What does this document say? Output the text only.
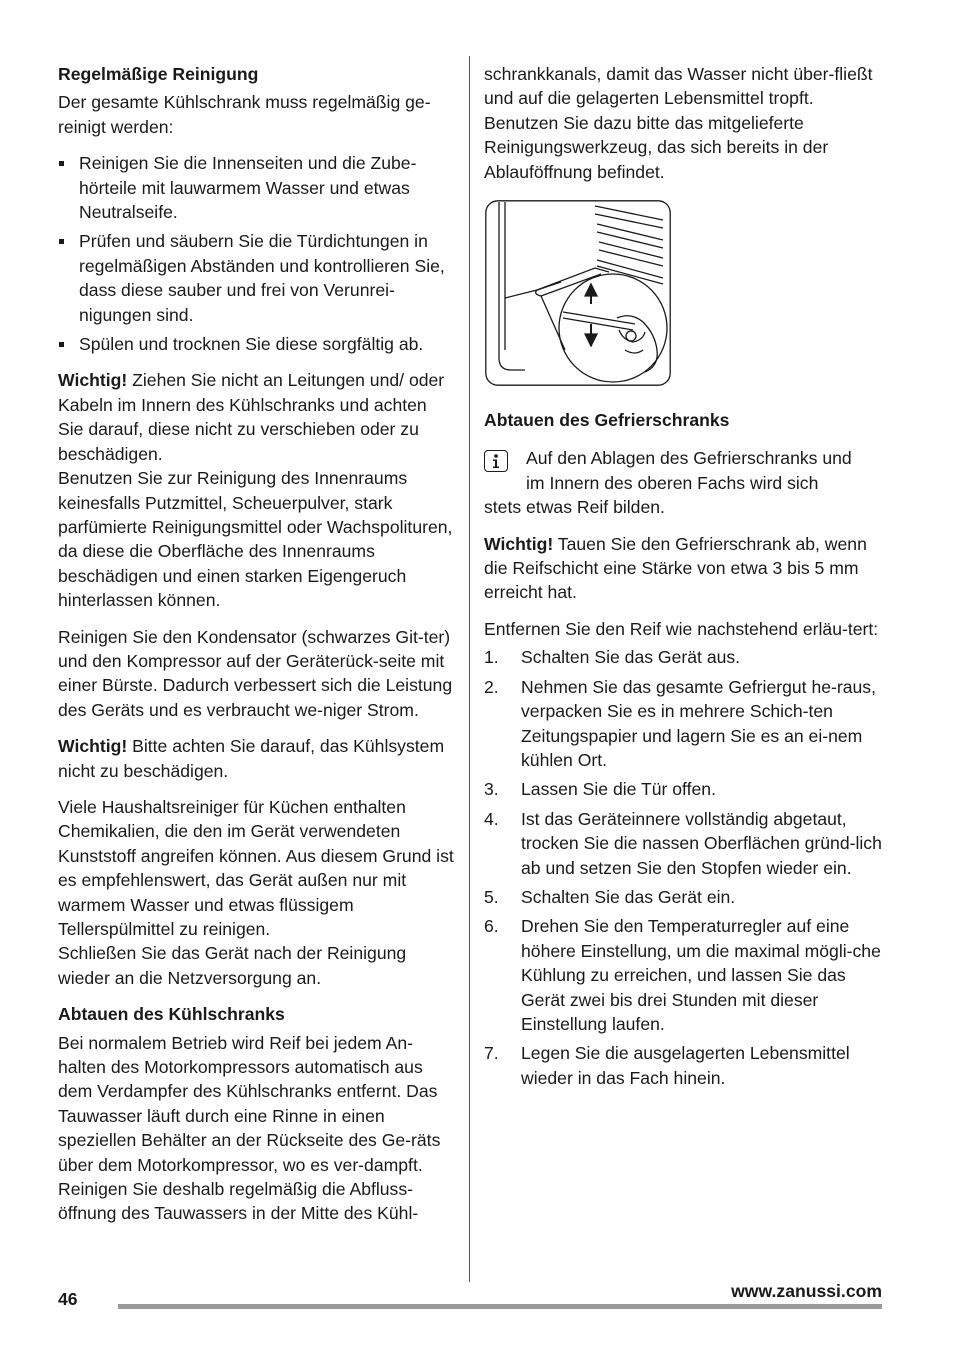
Regelmäßige Reinigung

Der gesamte Kühlschrank muss regelmäßig ge-reinigt werden:

Reinigen Sie die Innenseiten und die Zube-hörteile mit lauwarmem Wasser und etwas Neutralseife.
Prüfen und säubern Sie die Türdichtungen in regelmäßigen Abständen und kontrollieren Sie, dass diese sauber und frei von Verunrei-nigungen sind.
Spülen und trocknen Sie diese sorgfältig ab.

Wichtig! Ziehen Sie nicht an Leitungen und/ oder Kabeln im Innern des Kühlschranks und achten Sie darauf, diese nicht zu verschieben oder zu beschädigen.

Benutzen Sie zur Reinigung des Innenraums keinesfalls Putzmittel, Scheuerpulver, stark parfümierte Reinigungsmittel oder Wachspolituren, da diese die Oberfläche des Innenraums beschädigen und einen starken Eigengeruch hinterlassen können.

Reinigen Sie den Kondensator (schwarzes Git-ter) und den Kompressor auf der Geräterück-seite mit einer Bürste. Dadurch verbessert sich die Leistung des Geräts und es verbraucht we-niger Strom.

Wichtig! Bitte achten Sie darauf, das Kühlsystem nicht zu beschädigen.

Viele Haushaltsreiniger für Küchen enthalten Chemikalien, die den im Gerät verwendeten Kunststoff angreifen können. Aus diesem Grund ist es empfehlenswert, das Gerät außen nur mit warmem Wasser und etwas flüssigem Tellerspülmittel zu reinigen.

Schließen Sie das Gerät nach der Reinigung wieder an die Netzversorgung an.

Abtauen des Kühlschranks

Bei normalem Betrieb wird Reif bei jedem An-halten des Motorkompressors automatisch aus dem Verdampfer des Kühlschranks entfernt. Das Tauwasser läuft durch eine Rinne in einen speziellen Behälter an der Rückseite des Ge-räts über dem Motorkompressor, wo es ver-dampft.

Reinigen Sie deshalb regelmäßig die Abfluss-öffnung des Tauwassers in der Mitte des Kühl-

schrankkanals, damit das Wasser nicht über-fließt und auf die gelagerten Lebensmittel tropft. Benutzen Sie dazu bitte das mitgelieferte Reinigungswerkzeug, das sich bereits in der Ablauföffnung befindet.

Abtauen des Gefrierschranks
Auf den Ablagen des Gefrierschranks und
im Innern des oberen Fachs wird sich
stets etwas Reif bilden.

Wichtig! Tauen Sie den Gefrierschrank ab, wenn die Reifschicht eine Stärke von etwa 3 bis 5 mm erreicht hat.

Entfernen Sie den Reif wie nachstehend erläu-tert:

1. Schalten Sie das Gerät aus.
2. Nehmen Sie das gesamte Gefriergut he-raus, verpacken Sie es in mehrere Schich-ten Zeitungspapier und lagern Sie es an ei-nem kühlen Ort.
3. Lassen Sie die Tür offen.
4. Ist das Geräteinnere vollständig abgetaut, trocken Sie die nassen Oberflächen gründ-lich ab und setzen Sie den Stopfen wieder ein.
5. Schalten Sie das Gerät ein.
6. Drehen Sie den Temperaturregler auf eine höhere Einstellung, um die maximal mögli-che Kühlung zu erreichen, und lassen Sie das Gerät zwei bis drei Stunden mit dieser Einstellung laufen.
7. Legen Sie die ausgelagerten Lebensmittel wieder in das Fach hinein.
46	www.zanussi.com
